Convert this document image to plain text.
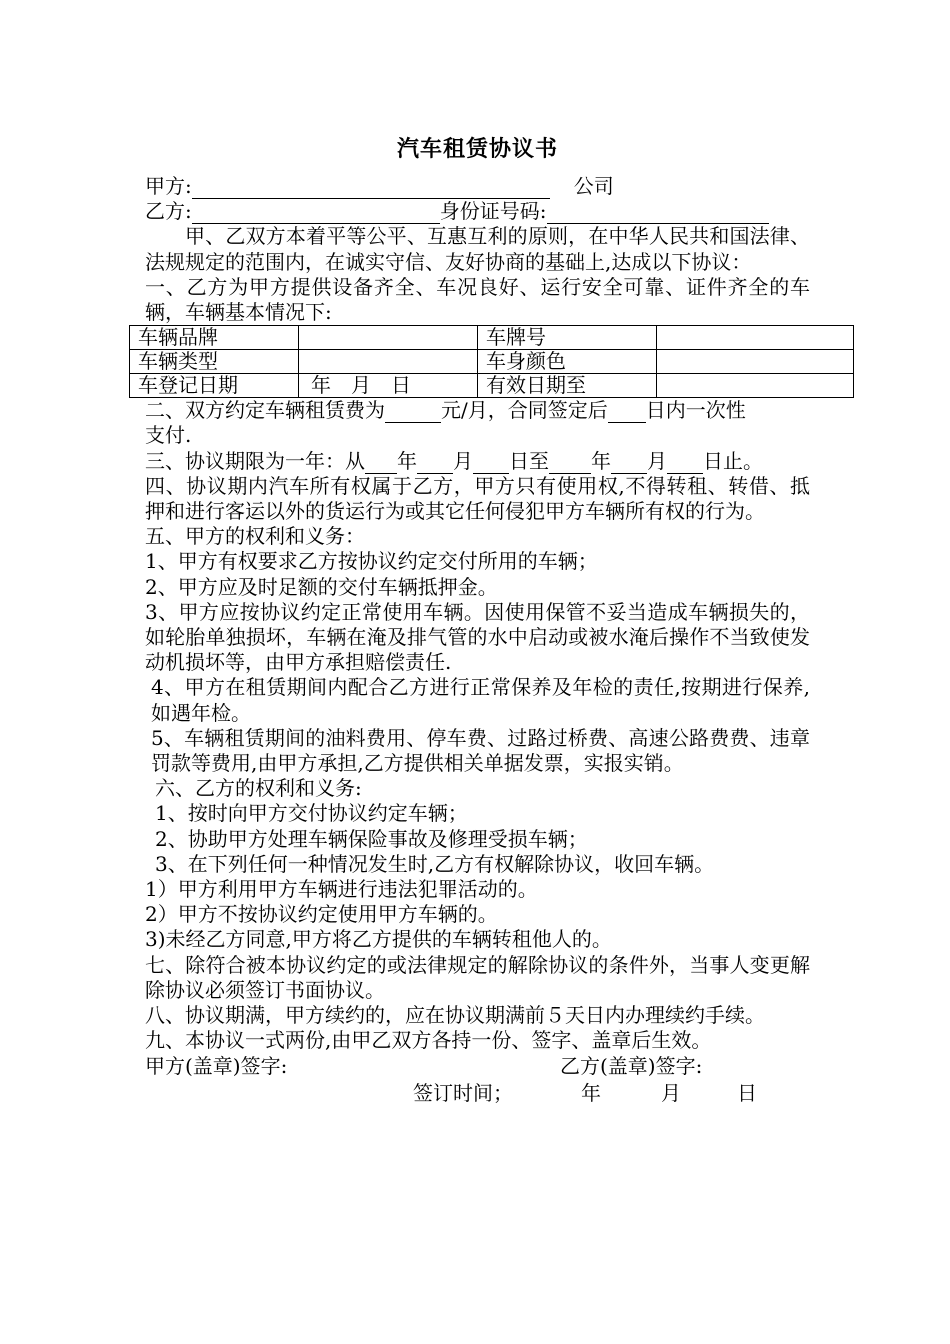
汽车租赁协议书
甲方:	公司
乙方:	身份证号码:

甲、乙双方本着平等公平、互惠互利的原则，在中华人民共和国法律、法规规定的范围内，在诚实守信、友好协商的基础上,达成以下协议：

一、乙方为甲方提供设备齐全、车况良好、运行安全可靠、证件齐全的车辆，车辆基本情况下:

车辆品牌		车牌号	
车辆类型		车身颜色	
车登记日期	年　月　日	有效日期至	
二、双方约定车辆租赁费为	元/月，合同签定后 日内一次性

支付.

三、协议期限为一年：从 年 月 日至 年 月 日止。

四、协议期内汽车所有权属于乙方，甲方只有使用权,不得转租、转借、抵押和进行客运以外的货运行为或其它任何侵犯甲方车辆所有权的行为。

五、甲方的权利和义务：

1、甲方有权要求乙方按协议约定交付所用的车辆；

2、甲方应及时足额的交付车辆抵押金。

3、甲方应按协议约定正常使用车辆。因使用保管不妥当造成车辆损失的，如轮胎单独损坏，车辆在淹及排气管的水中启动或被水淹后操作不当致使发动机损坏等，由甲方承担赔偿责任.

4、甲方在租赁期间内配合乙方进行正常保养及年检的责任,按期进行保养,如遇年检。

5、车辆租赁期间的油料费用、停车费、过路过桥费、高速公路费费、违章罚款等费用,由甲方承担,乙方提供相关单据发票，实报实销。

六、乙方的权利和义务:

1、按时向甲方交付协议约定车辆；

2、协助甲方处理车辆保险事故及修理受损车辆；

3、在下列任何一种情况发生时,乙方有权解除协议，收回车辆。

1）甲方利用甲方车辆进行违法犯罪活动的。

2）甲方不按协议约定使用甲方车辆的。

3)未经乙方同意,甲方将乙方提供的车辆转租他人的。

七、除符合被本协议约定的或法律规定的解除协议的条件外，当事人变更解除协议必须签订书面协议。

八、协议期满，甲方续约的，应在协议期满前５天日内办理续约手续。

九、本协议一式两份,由甲乙双方各持一份、签字、盖章后生效。

甲方(盖章)签字:	乙方(盖章)签字:
签订时间；	年	月	日
